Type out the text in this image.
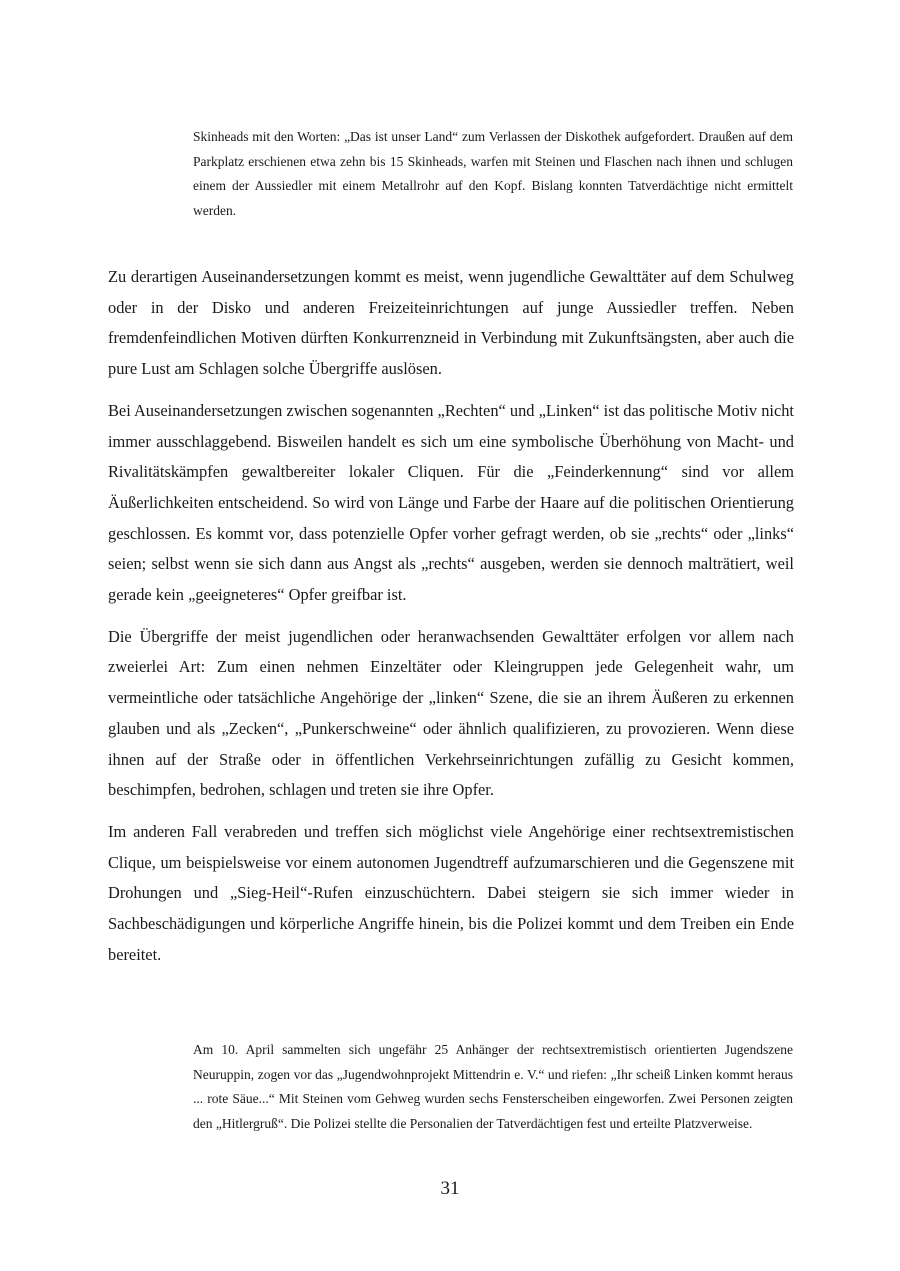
Skinheads mit den Worten: „Das ist unser Land“ zum Verlassen der Diskothek aufgefordert. Draußen auf dem Parkplatz erschienen etwa zehn bis 15 Skinheads, warfen mit Steinen und Flaschen nach ihnen und schlugen einem der Aussiedler mit einem Metallrohr auf den Kopf. Bislang konnten Tatverdächtige nicht ermittelt werden.

Zu derartigen Auseinandersetzungen kommt es meist, wenn jugendliche Gewalttäter auf dem Schulweg oder in der Disko und anderen Freizeiteinrichtungen auf junge Aussiedler treffen. Neben fremdenfeindlichen Motiven dürften Konkurrenzneid in Verbindung mit Zukunftsängsten, aber auch die pure Lust am Schlagen solche Übergriffe auslösen.

Bei Auseinandersetzungen zwischen sogenannten „Rechten“ und „Linken“ ist das politische Motiv nicht immer ausschlaggebend. Bisweilen handelt es sich um eine symbolische Überhöhung von Macht- und Rivalitätskämpfen gewaltbereiter lokaler Cliquen. Für die „Feinderkennung“ sind vor allem Äußerlichkeiten entscheidend. So wird von Länge und Farbe der Haare auf die politischen Orientierung geschlossen. Es kommt vor, dass potenzielle Opfer vorher gefragt werden, ob sie „rechts“ oder „links“ seien; selbst wenn sie sich dann aus Angst als „rechts“ ausgeben, werden sie dennoch malträtiert, weil gerade kein „geeigneteres“ Opfer greifbar ist.

Die Übergriffe der meist jugendlichen oder heranwachsenden Gewalttäter erfolgen vor allem nach zweierlei Art: Zum einen nehmen Einzeltäter oder Kleingruppen jede Gelegenheit wahr, um vermeintliche oder tatsächliche Angehörige der „linken“ Szene, die sie an ihrem Äußeren zu erkennen glauben und als „Zecken“, „Punkerschweine“ oder ähnlich qualifizieren, zu provozieren. Wenn diese ihnen auf der Straße oder in öffentlichen Verkehrseinrichtungen zufällig zu Gesicht kommen, beschimpfen, bedrohen, schlagen und treten sie ihre Opfer.

Im anderen Fall verabreden und treffen sich möglichst viele Angehörige einer rechtsextremistischen Clique, um beispielsweise vor einem autonomen Jugendtreff aufzumarschieren und die Gegenszene mit Drohungen und „Sieg-Heil“-Rufen einzuschüchtern. Dabei steigern sie sich immer wieder in Sachbeschädigungen und körperliche Angriffe hinein, bis die Polizei kommt und dem Treiben ein Ende bereitet.

Am 10. April sammelten sich ungefähr 25 Anhänger der rechtsextremistisch orientierten Jugendszene Neuruppin, zogen vor das „Jugendwohnprojekt Mittendrin e. V.“ und riefen: „Ihr scheiß Linken kommt heraus ... rote Säue...“ Mit Steinen vom Gehweg wurden sechs Fensterscheiben eingeworfen. Zwei Personen zeigten den „Hitlergruß“. Die Polizei stellte die Personalien der Tatverdächtigen fest und erteilte Platzverweise.

31
